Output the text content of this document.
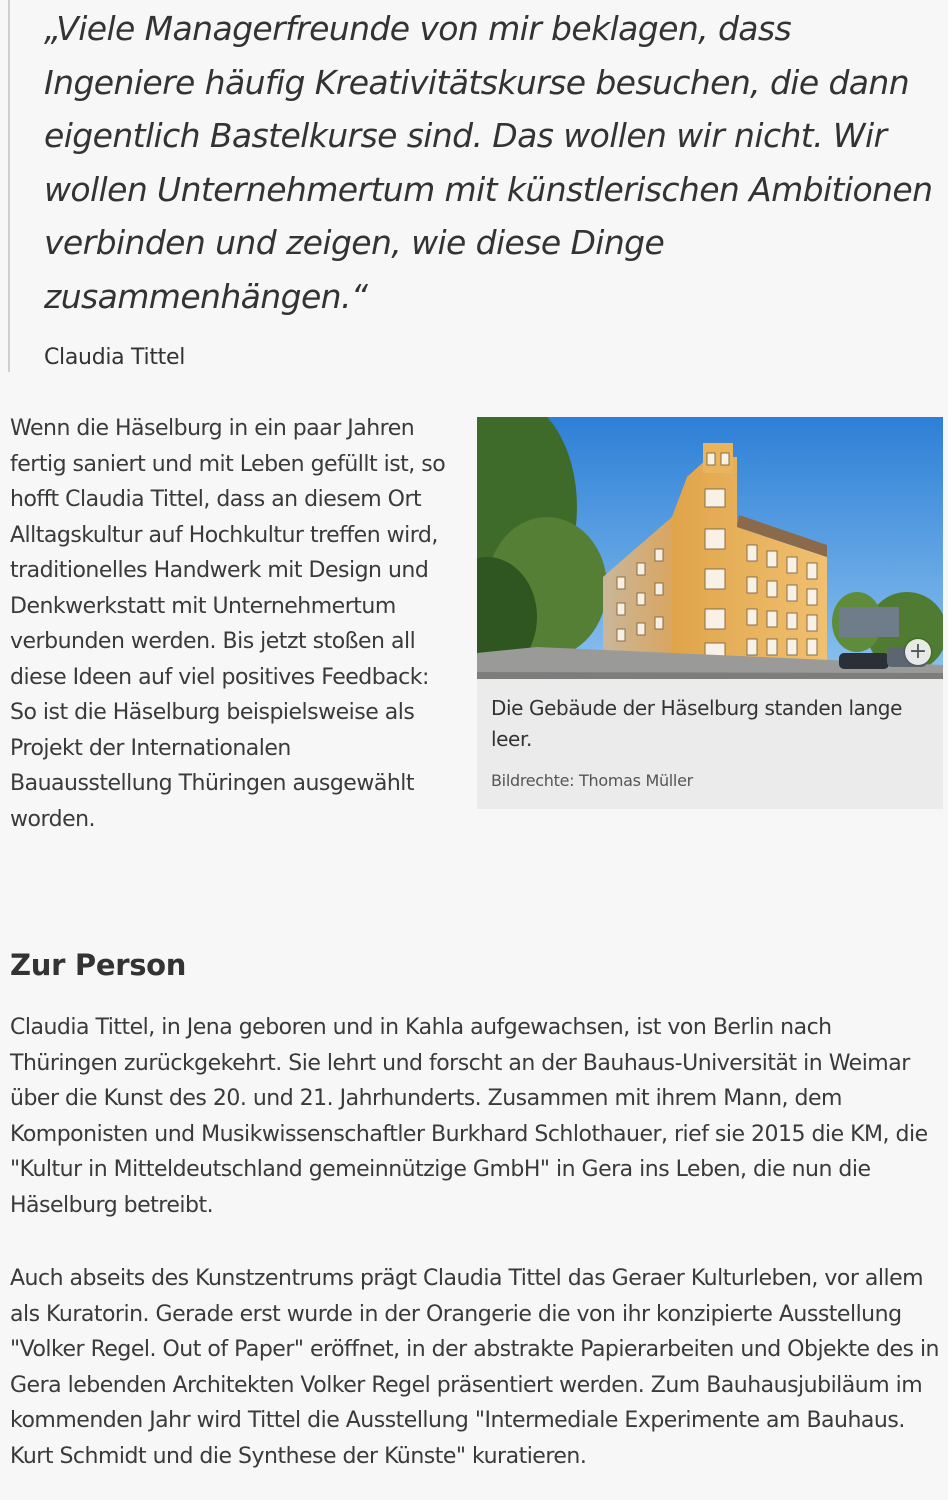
„Viele Managerfreunde von mir beklagen, dass Ingeniere häufig Kreativitätskurse besuchen, die dann eigentlich Bastelkurse sind. Das wollen wir nicht. Wir wollen Unternehmertum mit künstlerischen Ambitionen verbinden und zeigen, wie diese Dinge zusammenhängen.“

Claudia Tittel

Wenn die Häselburg in ein paar Jahren fertig saniert und mit Leben gefüllt ist, so hofft Claudia Tittel, dass an diesem Ort Alltagskultur auf Hochkultur treffen wird, traditionelles Handwerk mit Design und Denkwerkstatt mit Unternehmertum verbunden werden. Bis jetzt stoßen all diese Ideen auf viel positives Feedback: So ist die Häselburg beispielsweise als Projekt der Internationalen Bauausstellung Thüringen ausgewählt worden.

+

Die Gebäude der Häselburg standen lange leer.

Bildrechte: Thomas Müller

Zur Person

Claudia Tittel, in Jena geboren und in Kahla aufgewachsen, ist von Berlin nach Thüringen zurückgekehrt. Sie lehrt und forscht an der Bauhaus-Universität in Weimar über die Kunst des 20. und 21. Jahrhunderts. Zusammen mit ihrem Mann, dem Komponisten und Musikwissenschaftler Burkhard Schlothauer, rief sie 2015 die KM, die "Kultur in Mitteldeutschland gemeinnützige GmbH" in Gera ins Leben, die nun die Häselburg betreibt.

Auch abseits des Kunstzentrums prägt Claudia Tittel das Geraer Kulturleben, vor allem als Kuratorin. Gerade erst wurde in der Orangerie die von ihr konzipierte Ausstellung "Volker Regel. Out of Paper" eröffnet, in der abstrakte Papierarbeiten und Objekte des in Gera lebenden Architekten Volker Regel präsentiert werden. Zum Bauhausjubiläum im kommenden Jahr wird Tittel die Ausstellung "Intermediale Experimente am Bauhaus. Kurt Schmidt und die Synthese der Künste" kuratieren.
